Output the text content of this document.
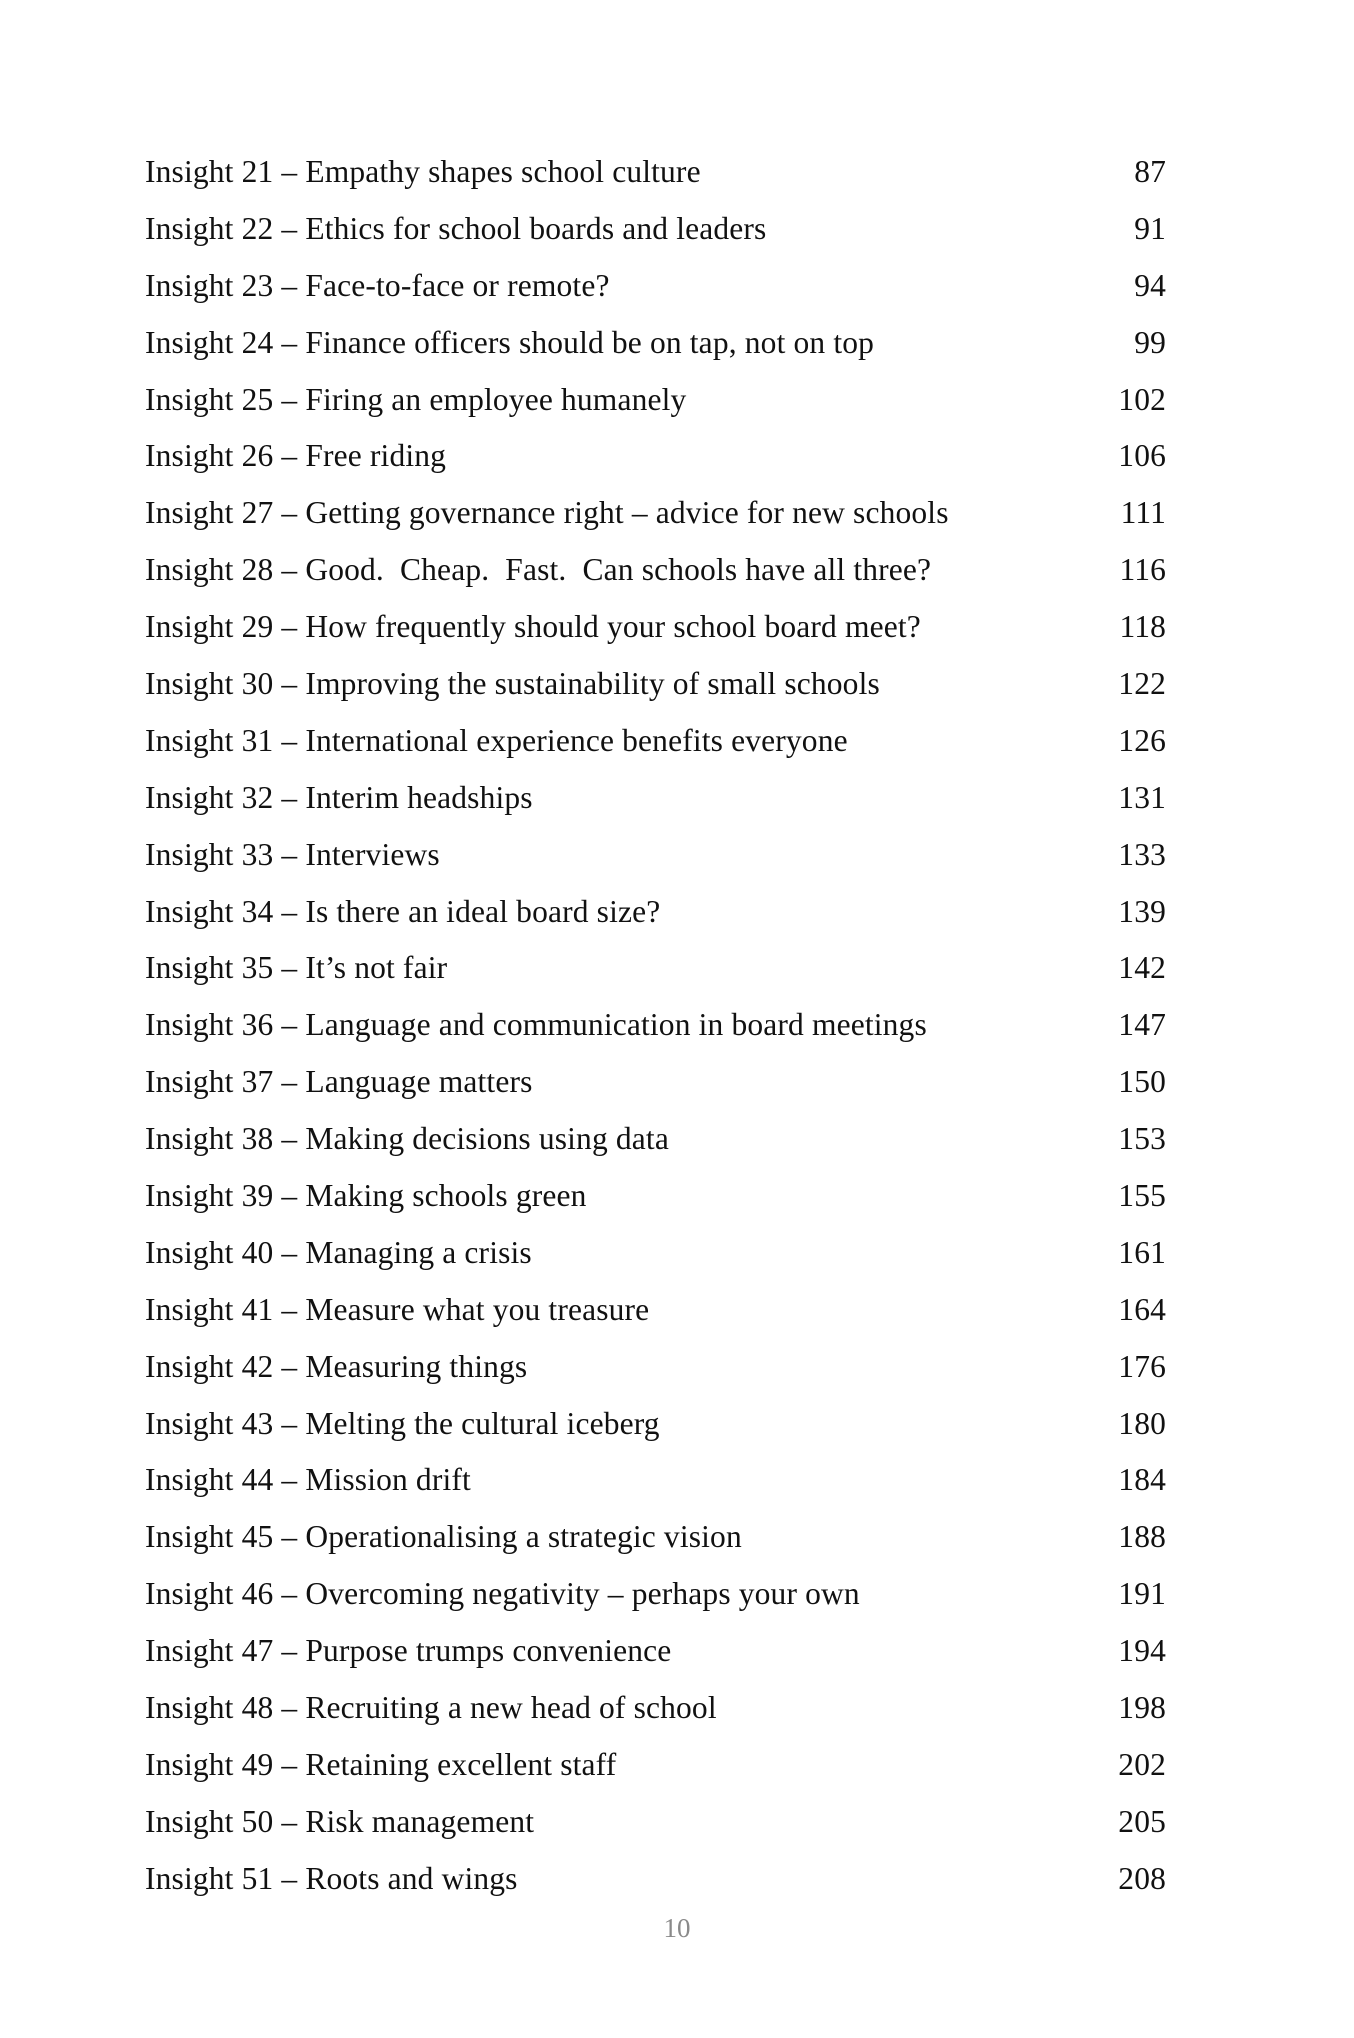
Insight 21 – Empathy shapes school culture	87
Insight 22 – Ethics for school boards and leaders	91
Insight 23 – Face-to-face or remote?	94
Insight 24 – Finance officers should be on tap, not on top	99
Insight 25 – Firing an employee humanely	102
Insight 26 – Free riding	106
Insight 27 – Getting governance right – advice for new schools	111
Insight 28 – Good.  Cheap.  Fast.  Can schools have all three?	116
Insight 29 – How frequently should your school board meet?	118
Insight 30 – Improving the sustainability of small schools	122
Insight 31 – International experience benefits everyone	126
Insight 32 – Interim headships	131
Insight 33 – Interviews	133
Insight 34 – Is there an ideal board size?	139
Insight 35 – It’s not fair	142
Insight 36 – Language and communication in board meetings	147
Insight 37 – Language matters	150
Insight 38 – Making decisions using data	153
Insight 39 – Making schools green	155
Insight 40 – Managing a crisis	161
Insight 41 – Measure what you treasure	164
Insight 42 – Measuring things	176
Insight 43 – Melting the cultural iceberg	180
Insight 44 – Mission drift	184
Insight 45 – Operationalising a strategic vision	188
Insight 46 – Overcoming negativity – perhaps your own	191
Insight 47 – Purpose trumps convenience	194
Insight 48 – Recruiting a new head of school	198
Insight 49 – Retaining excellent staff	202
Insight 50 – Risk management	205
Insight 51 – Roots and wings	208
10
